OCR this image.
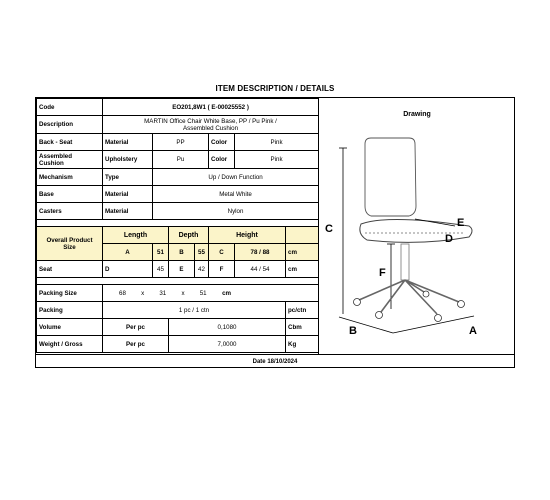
ITEM DESCRIPTION / DETAILS
Code	EO201,8W1 ( E-00025552 )						
Description	MARTIN Office Chair White Base, PP / Pu Pink /
Assembled Cushion						

Back - Seat	Material	PP			Color	Pink	

Assembled
Cushion	Upholstery	Pu			Color	Pink	
Mechanism	Type	Up / Down Function					
Base	Material	Metal White					
Casters	Material	Nylon					

Overall Product
Size	Length		Depth		Height		
	A	51	B	55	C	78 / 88	cm
Seat	D	45	E	42	F	44 / 54	cm

Packing Size	68 x 31 x 51 cm						
Packing	1 pc / 1 ctn						pc/ctn
Volume	Per pc		0,1080				Cbm
Weight / Gross	Per pc		7,0000				Kg
Drawing
C
F
E
D
B	A
Date 18/10/2024
